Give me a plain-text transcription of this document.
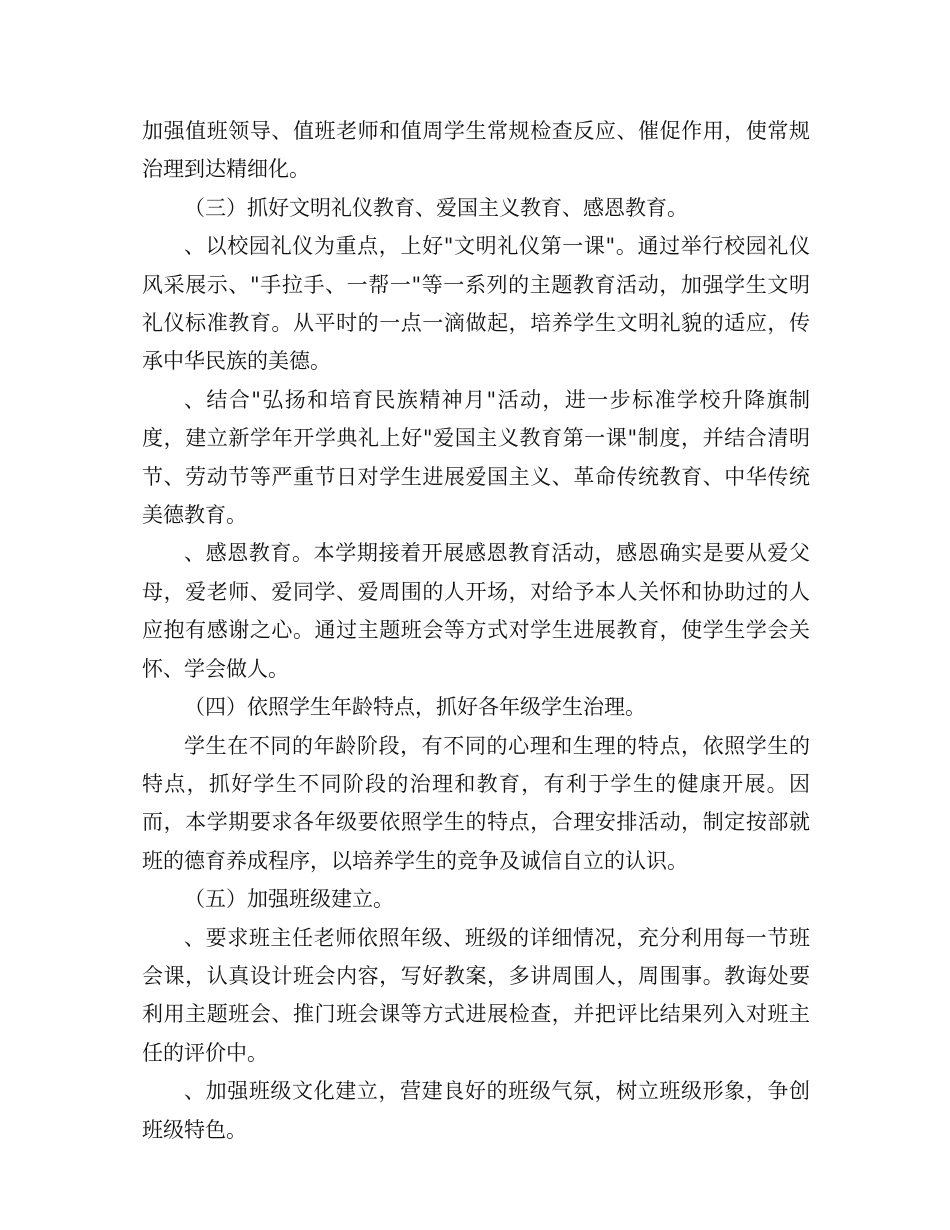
加强值班领导、值班老师和值周学生常规检查反应、催促作用，使常规治理到达精细化。

（三）抓好文明礼仪教育、爱国主义教育、感恩教育。

、以校园礼仪为重点，上好"文明礼仪第一课"。通过举行校园礼仪风采展示、"手拉手、一帮一"等一系列的主题教育活动，加强学生文明礼仪标准教育。从平时的一点一滴做起，培养学生文明礼貌的适应，传承中华民族的美德。

、结合"弘扬和培育民族精神月"活动，进一步标准学校升降旗制度，建立新学年开学典礼上好"爱国主义教育第一课"制度，并结合清明节、劳动节等严重节日对学生进展爱国主义、革命传统教育、中华传统美德教育。

、感恩教育。本学期接着开展感恩教育活动，感恩确实是要从爱父母，爱老师、爱同学、爱周围的人开场，对给予本人关怀和协助过的人应抱有感谢之心。通过主题班会等方式对学生进展教育，使学生学会关怀、学会做人。

（四）依照学生年龄特点，抓好各年级学生治理。

学生在不同的年龄阶段，有不同的心理和生理的特点，依照学生的特点，抓好学生不同阶段的治理和教育，有利于学生的健康开展。因而，本学期要求各年级要依照学生的特点，合理安排活动，制定按部就班的德育养成程序，以培养学生的竞争及诚信自立的认识。

（五）加强班级建立。

、要求班主任老师依照年级、班级的详细情况，充分利用每一节班会课，认真设计班会内容，写好教案，多讲周围人，周围事。教诲处要利用主题班会、推门班会课等方式进展检查，并把评比结果列入对班主任的评价中。

、加强班级文化建立，营建良好的班级气氛，树立班级形象，争创班级特色。
